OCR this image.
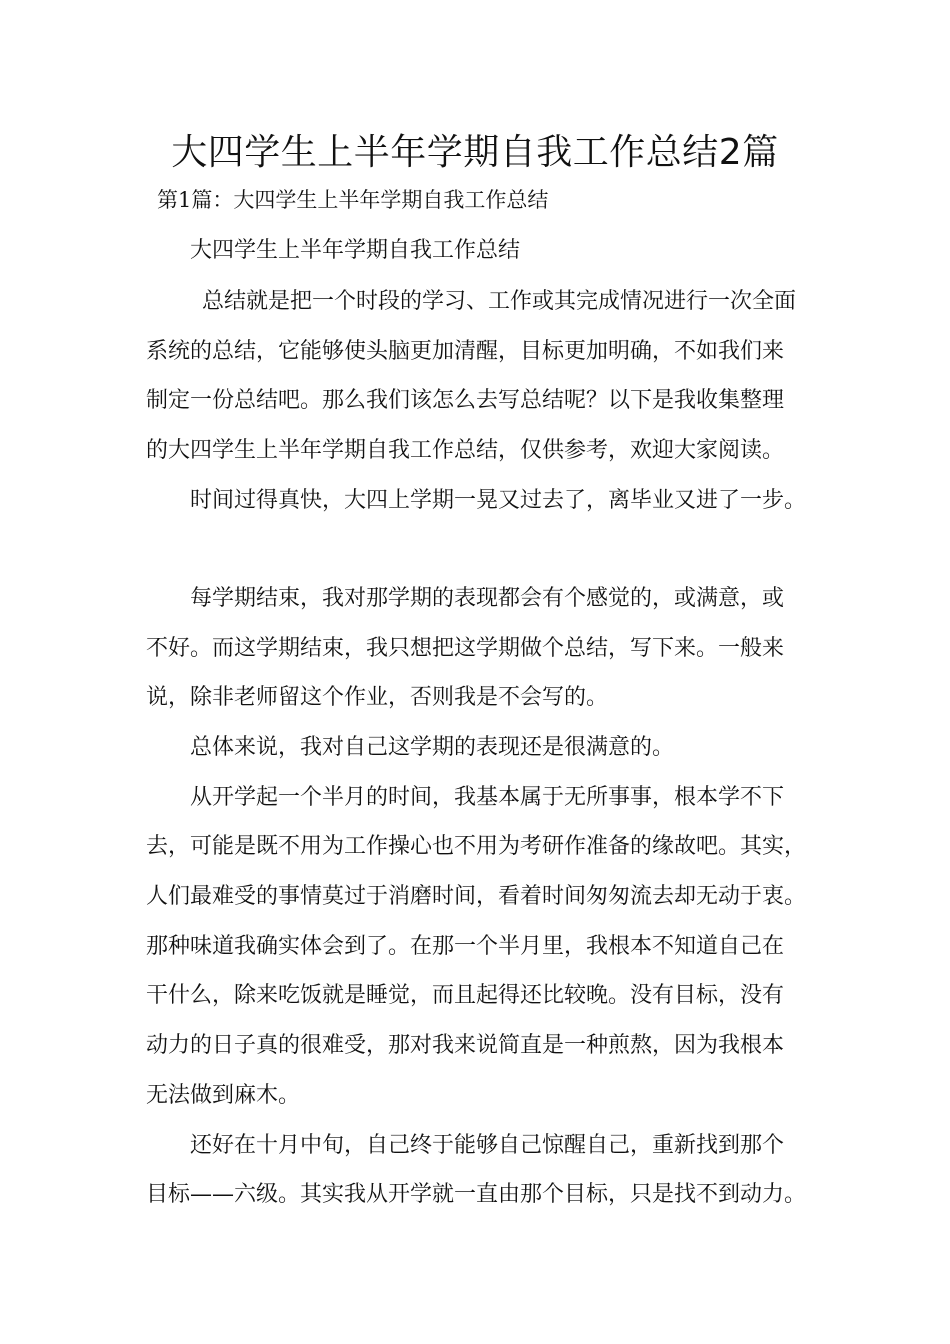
大四学生上半年学期自我工作总结2篇

第1篇：大四学生上半年学期自我工作总结

大四学生上半年学期自我工作总结

总结就是把一个时段的学习、工作或其完成情况进行一次全面

系统的总结，它能够使头脑更加清醒，目标更加明确，不如我们来

制定一份总结吧。那么我们该怎么去写总结呢？以下是我收集整理

的大四学生上半年学期自我工作总结，仅供参考，欢迎大家阅读。

时间过得真快，大四上学期一晃又过去了，离毕业又进了一步。

每学期结束，我对那学期的表现都会有个感觉的，或满意，或

不好。而这学期结束，我只想把这学期做个总结，写下来。一般来

说，除非老师留这个作业，否则我是不会写的。

总体来说，我对自己这学期的表现还是很满意的。

从开学起一个半月的时间，我基本属于无所事事，根本学不下

去，可能是既不用为工作操心也不用为考研作准备的缘故吧。其实，

人们最难受的事情莫过于消磨时间，看着时间匆匆流去却无动于衷。

那种味道我确实体会到了。在那一个半月里，我根本不知道自己在

干什么，除来吃饭就是睡觉，而且起得还比较晚。没有目标，没有

动力的日子真的很难受，那对我来说简直是一种煎熬，因为我根本

无法做到麻木。

还好在十月中旬，自己终于能够自己惊醒自己，重新找到那个

目标——六级。其实我从开学就一直由那个目标，只是找不到动力。
